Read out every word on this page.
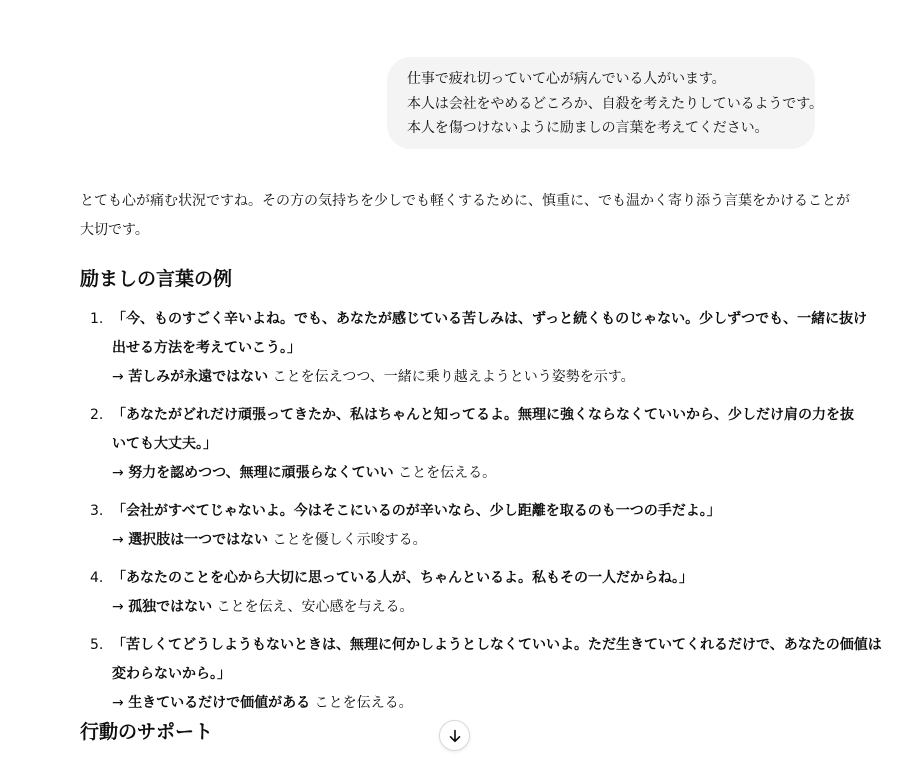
仕事で疲れ切っていて心が病んでいる人がいます。
本人は会社をやめるどころか、自殺を考えたりしているようです。
本人を傷つけないように励ましの言葉を考えてください。

とても心が痛む状況ですね。その方の気持ちを少しでも軽くするために、慎重に、でも温かく寄り添う言葉をかけることが
大切です。

励ましの言葉の例
1. 「今、ものすごく辛いよね。でも、あなたが感じている苦しみは、ずっと続くものじゃない。少しずつでも、一緒に抜け
出せる方法を考えていこう。」
→ 苦しみが永遠ではない ことを伝えつつ、一緒に乗り越えようという姿勢を示す。
2. 「あなたがどれだけ頑張ってきたか、私はちゃんと知ってるよ。無理に強くならなくていいから、少しだけ肩の力を抜
いても大丈夫。」
→ 努力を認めつつ、無理に頑張らなくていい ことを伝える。
3. 「会社がすべてじゃないよ。今はそこにいるのが辛いなら、少し距離を取るのも一つの手だよ。」
→ 選択肢は一つではない ことを優しく示唆する。
4. 「あなたのことを心から大切に思っている人が、ちゃんといるよ。私もその一人だからね。」
→ 孤独ではない ことを伝え、安心感を与える。
5. 「苦しくてどうしようもないときは、無理に何かしようとしなくていいよ。ただ生きていてくれるだけで、あなたの価値は
変わらないから。」
→ 生きているだけで価値がある ことを伝える。
行動のサポート
